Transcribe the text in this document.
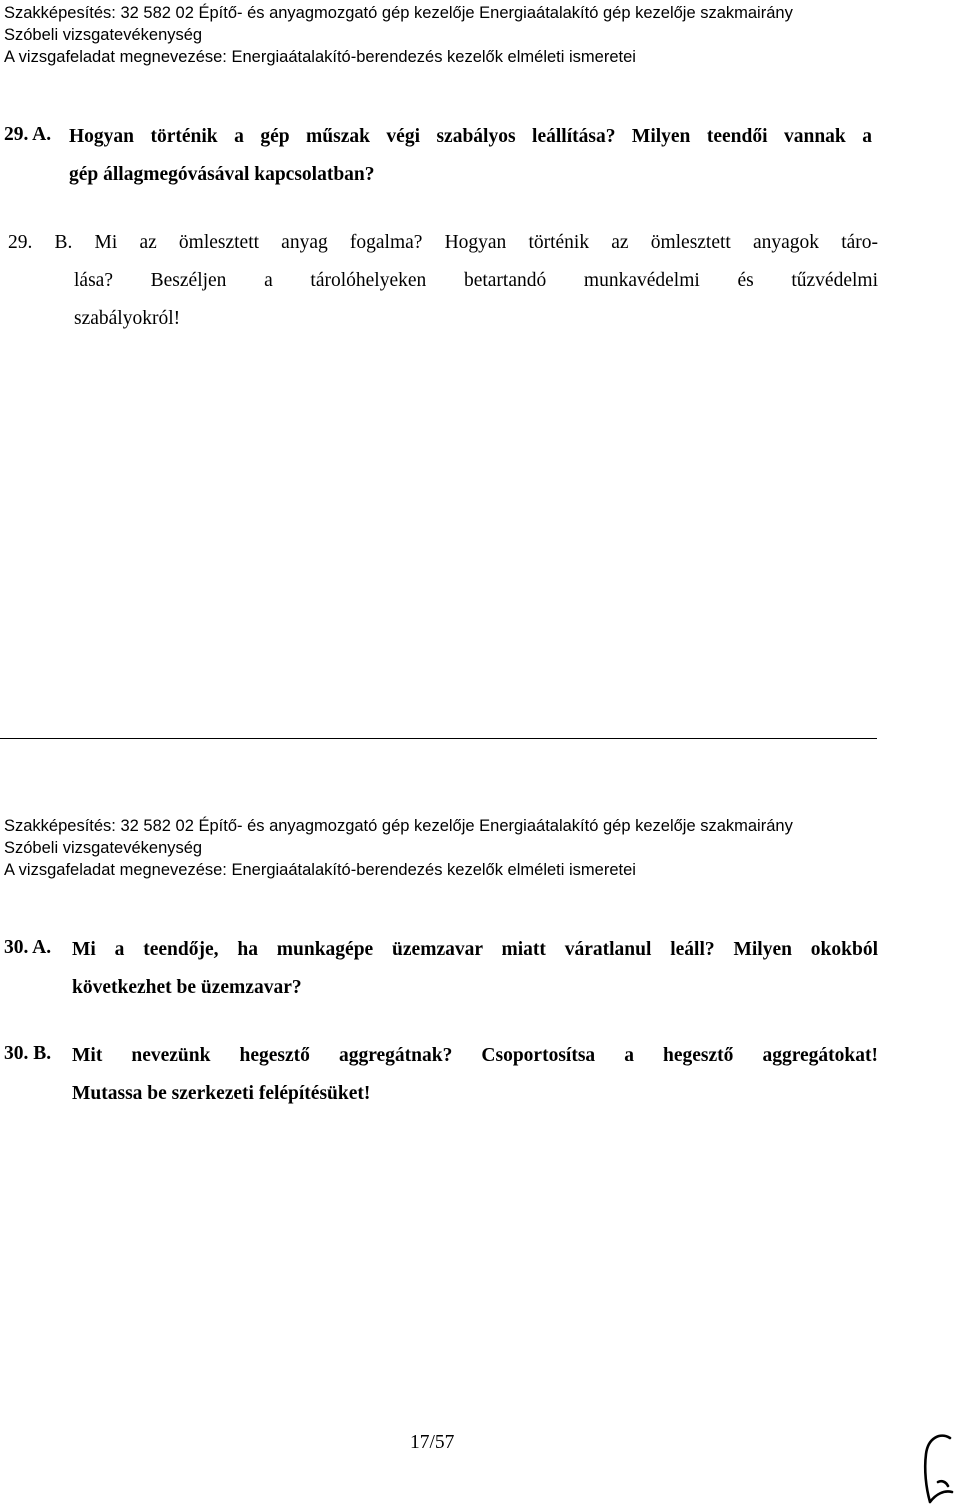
Szakképesítés: 32 582 02 Építő- és anyagmozgató gép kezelője Energiaátalakító gép kezelője szakmairány
Szóbeli vizsgatevékenység
A vizsgafeladat megnevezése: Energiaátalakító-berendezés kezelők elméleti ismeretei
29. A. Hogyan történik a gép műszak végi szabályos leállítása? Milyen teendői vannak a
gép állagmegóvásával kapcsolatban?
29. B. Mi az ömlesztett anyag fogalma? Hogyan történik az ömlesztett anyagok táro-
lása? Beszéljen a tárolóhelyeken betartandó munkavédelmi és tűzvédelmi
szabályokról!
Szakképesítés: 32 582 02 Építő- és anyagmozgató gép kezelője Energiaátalakító gép kezelője szakmairány
Szóbeli vizsgatevékenység
A vizsgafeladat megnevezése: Energiaátalakító-berendezés kezelők elméleti ismeretei
30. A. Mi a teendője, ha munkagépe üzemzavar miatt váratlanul leáll? Milyen okokból
következhet be üzemzavar?
30. B. Mit nevezünk hegesztő aggregátnak? Csoportosítsa a hegesztő aggregátokat!
Mutassa be szerkezeti felépítésüket!
17/57
